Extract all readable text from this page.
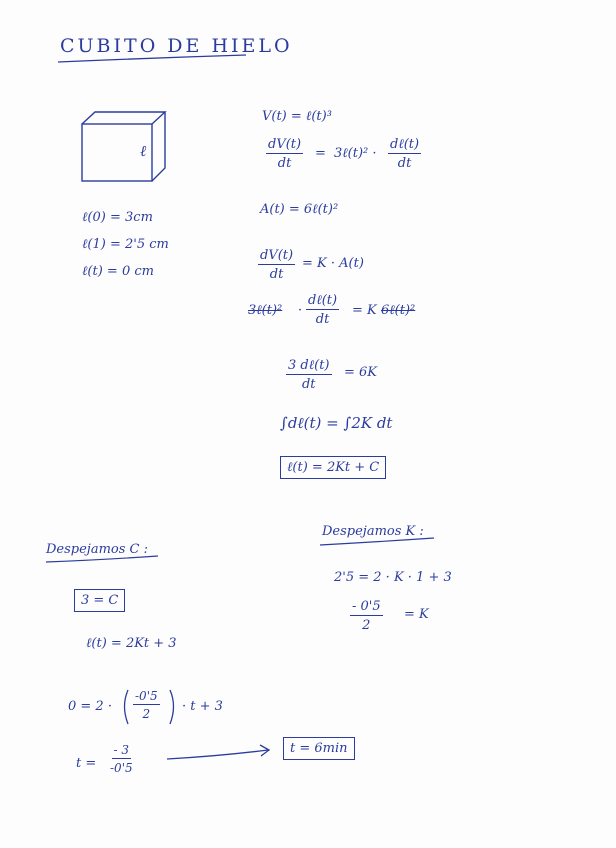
CUBITO DE HIELO
ℓ
ℓ(0) = 3cm
ℓ(1) = 2'5 cm
ℓ(t) = 0 cm
V(t) = ℓ(t)³
$\frac{dV(t)}{dt}$ = 3ℓ(t)² ·
dℓ(t)
dt
A(t) = 6ℓ(t)²
$\frac{dV(t)}{dt} = K \cdot A(t)$
3ℓ(t)² ·
dℓ(t)
dt
= K 6ℓ(t)²
3 dℓ(t)
dt
= 6K
∫dℓ(t) = ∫2K dt
ℓ(t) = 2Kt + C
Despejamos C :
3 = C
ℓ(t) = 2Kt + 3
Despejamos K :
2'5 = 2 · K · 1 + 3
$\frac{- 0'5}{2} = K$
$0 = 2 \cdot \frac{-0'5}{2} \cdot t + 3$
$t = \frac{- 3}{-0'5}$	t = 6min
